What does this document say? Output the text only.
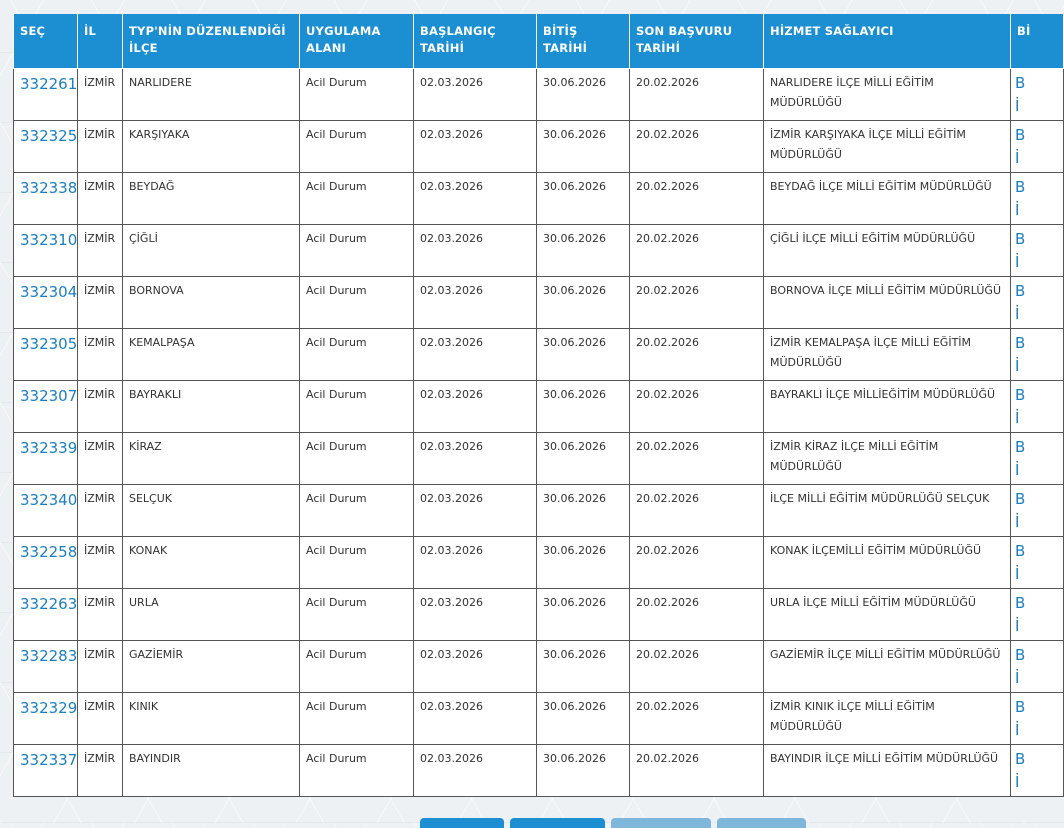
SEÇ	İL	TYP'NİN DÜZENLENDİĞİ İLÇE	UYGULAMA ALANI	BAŞLANGIÇ TARİHİ	BİTİŞ TARİHİ	SON BAŞVURU TARİHİ	HİZMET SAĞLAYICI	Bİ
332261	İZMİR	NARLIDERE	Acil Durum	02.03.2026	30.06.2026	20.02.2026	NARLIDERE İLÇE MİLLİ EĞİTİM MÜDÜRLÜĞÜ	B
İ

332325	İZMİR	KARŞIYAKA	Acil Durum	02.03.2026	30.06.2026	20.02.2026	İZMİR KARŞIYAKA İLÇE MİLLİ EĞİTİM MÜDÜRLÜĞÜ	B
İ

332338	İZMİR	BEYDAĞ	Acil Durum	02.03.2026	30.06.2026	20.02.2026	BEYDAĞ İLÇE MİLLİ EĞİTİM MÜDÜRLÜĞÜ	B
İ

332310	İZMİR	ÇİĞLİ	Acil Durum	02.03.2026	30.06.2026	20.02.2026	ÇİĞLİ İLÇE MİLLİ EĞİTİM MÜDÜRLÜĞÜ	B
İ

332304	İZMİR	BORNOVA	Acil Durum	02.03.2026	30.06.2026	20.02.2026	BORNOVA İLÇE MİLLİ EĞİTİM MÜDÜRLÜĞÜ	B
İ

332305	İZMİR	KEMALPAŞA	Acil Durum	02.03.2026	30.06.2026	20.02.2026	İZMİR KEMALPAŞA İLÇE MİLLİ EĞİTİM MÜDÜRLÜĞÜ	B
İ

332307	İZMİR	BAYRAKLI	Acil Durum	02.03.2026	30.06.2026	20.02.2026	BAYRAKLI İLÇE MİLLİEĞİTİM MÜDÜRLÜĞÜ	B
İ

332339	İZMİR	KİRAZ	Acil Durum	02.03.2026	30.06.2026	20.02.2026	İZMİR KİRAZ İLÇE MİLLİ EĞİTİM MÜDÜRLÜĞÜ	B
İ

332340	İZMİR	SELÇUK	Acil Durum	02.03.2026	30.06.2026	20.02.2026	İLÇE MİLLİ EĞİTİM MÜDÜRLÜĞÜ SELÇUK	B
İ

332258	İZMİR	KONAK	Acil Durum	02.03.2026	30.06.2026	20.02.2026	KONAK İLÇEMİLLİ EĞİTİM MÜDÜRLÜĞÜ	B
İ

332263	İZMİR	URLA	Acil Durum	02.03.2026	30.06.2026	20.02.2026	URLA İLÇE MİLLİ EĞİTİM MÜDÜRLÜĞÜ	B
İ

332283	İZMİR	GAZİEMİR	Acil Durum	02.03.2026	30.06.2026	20.02.2026	GAZİEMİR İLÇE MİLLİ EĞİTİM MÜDÜRLÜĞÜ	B
İ

332329	İZMİR	KINIK	Acil Durum	02.03.2026	30.06.2026	20.02.2026	İZMİR KINIK İLÇE MİLLİ EĞİTİM MÜDÜRLÜĞÜ	B
İ

332337	İZMİR	BAYINDIR	Acil Durum	02.03.2026	30.06.2026	20.02.2026	BAYINDIR İLÇE MİLLİ EĞİTİM MÜDÜRLÜĞÜ	B
İ
